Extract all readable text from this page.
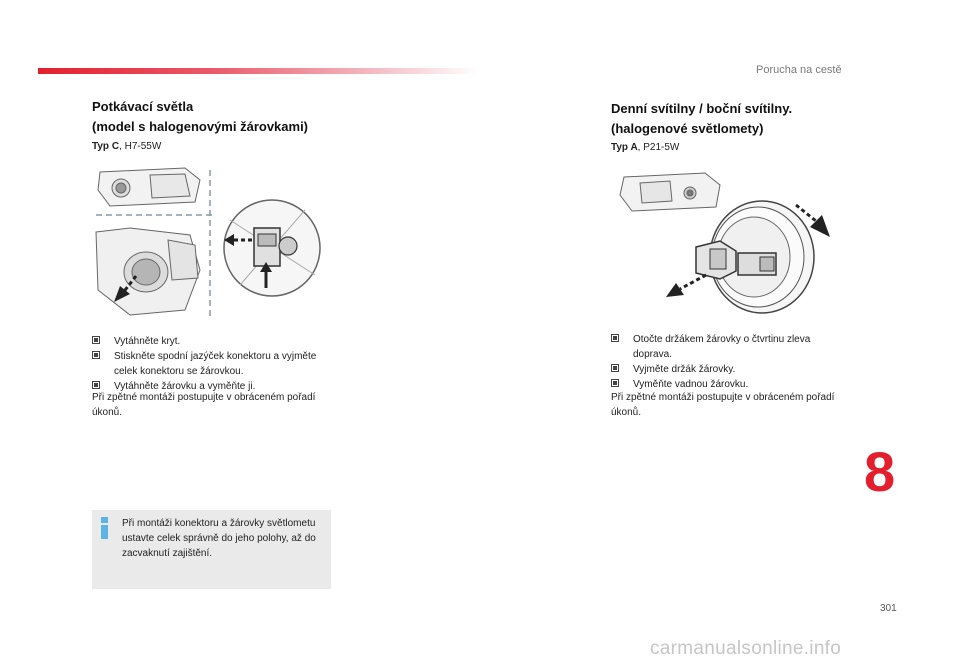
Porucha na cestě
Potkávací světla
(model s halogenovými žárovkami)
Typ C, H7-55W
Vytáhněte kryt.
Stiskněte spodní jazýček konektoru a vyjměte celek konektoru se žárovkou.
Vytáhněte žárovku a vyměňte ji.
Při zpětné montáži postupujte v obráceném pořadí úkonů.
Při montáži konektoru a žárovky světlometu ustavte celek správně do jeho polohy, až do zacvaknutí zajištění.
Denní svítilny / boční svítilny.
(halogenové světlomety)
Typ A, P21-5W
Otočte držákem žárovky o čtvrtinu zleva doprava.
Vyjměte držák žárovky.
Vyměňte vadnou žárovku.
Při zpětné montáži postupujte v obráceném pořadí úkonů.
8
301
carmanualsonline.info
